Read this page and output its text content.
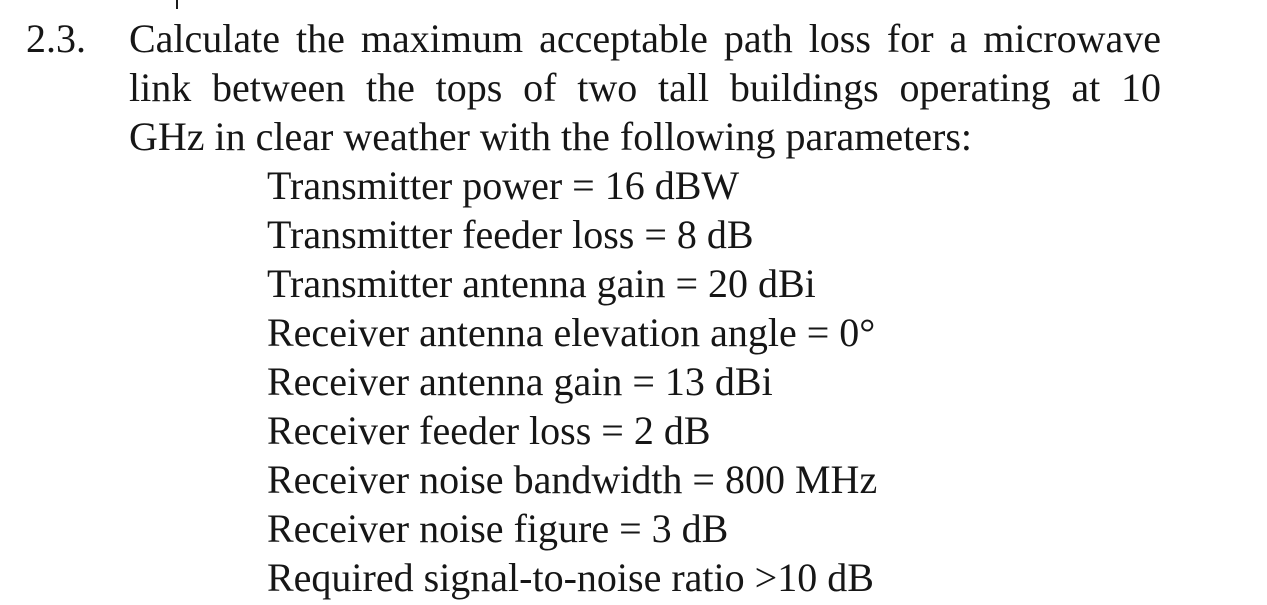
2.3. Calculate the maximum acceptable path loss for a microwave
link between the tops of two tall buildings operating at 10
GHz in clear weather with the following parameters:
Transmitter power = 16 dBW
Transmitter feeder loss = 8 dB
Transmitter antenna gain = 20 dBi
Receiver antenna elevation angle = 0°
Receiver antenna gain = 13 dBi
Receiver feeder loss = 2 dB
Receiver noise bandwidth = 800 MHz
Receiver noise figure = 3 dB
Required signal-to-noise ratio >10 dB
